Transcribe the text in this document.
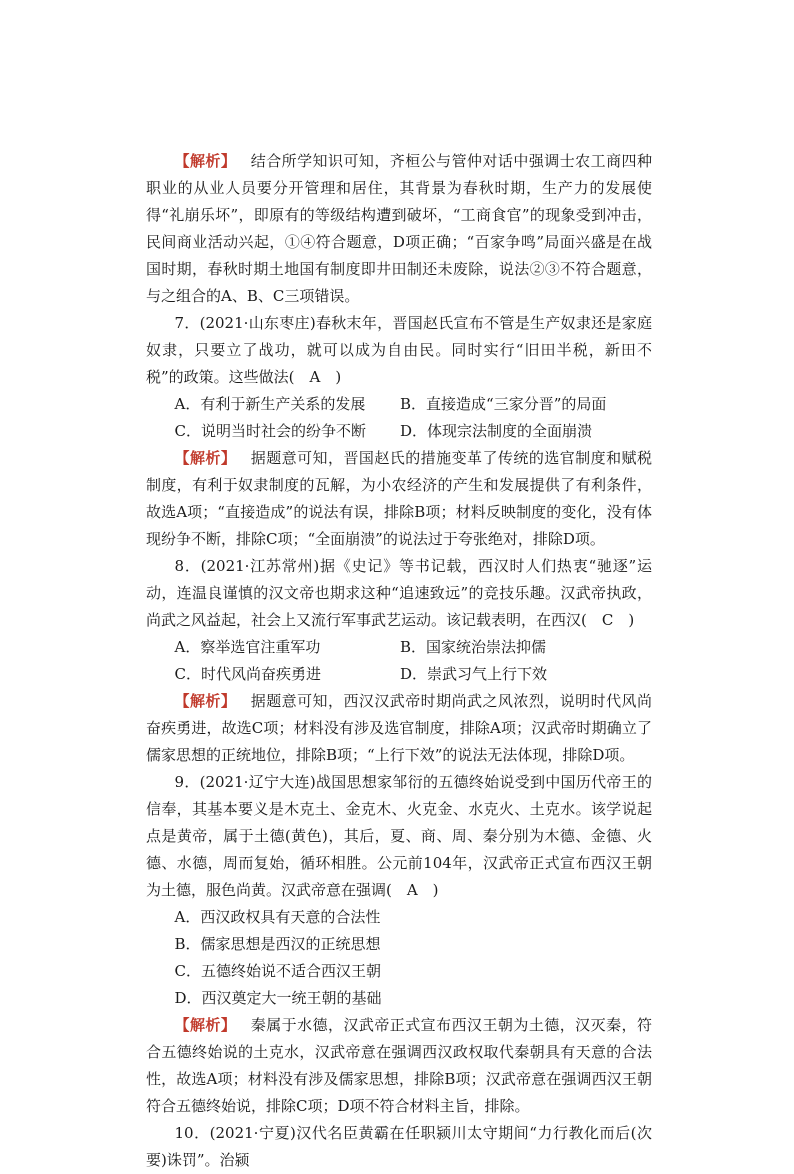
【解析】 结合所学知识可知，齐桓公与管仲对话中强调士农工商四种职业的从业人员要分开管理和居住，其背景为春秋时期，生产力的发展使得“礼崩乐坏”，即原有的等级结构遭到破坏，“工商食官”的现象受到冲击，民间商业活动兴起，①④符合题意，D项正确；“百家争鸣”局面兴盛是在战国时期，春秋时期土地国有制度即井田制还未废除，说法②③不符合题意，与之组合的A、B、C三项错误。

7．(2021·山东枣庄)春秋末年，晋国赵氏宣布不管是生产奴隶还是家庭奴隶，只要立了战功，就可以成为自由民。同时实行“旧田半税，新田不税”的政策。这些做法(　A　)

A．有利于新生产关系的发展	B．直接造成“三家分晋”的局面
C．说明当时社会的纷争不断	D．体现宗法制度的全面崩溃

【解析】 据题意可知，晋国赵氏的措施变革了传统的选官制度和赋税制度，有利于奴隶制度的瓦解，为小农经济的产生和发展提供了有利条件，故选A项；“直接造成”的说法有误，排除B项；材料反映制度的变化，没有体现纷争不断，排除C项；“全面崩溃”的说法过于夸张绝对，排除D项。

8．(2021·江苏常州)据《史记》等书记载，西汉时人们热衷“驰逐”运动，连温良谨慎的汉文帝也期求这种“追速致远”的竞技乐趣。汉武帝执政，尚武之风益起，社会上又流行军事武艺运动。该记载表明，在西汉(　C　)

A．察举选官注重军功	B．国家统治崇法抑儒
C．时代风尚奋疾勇进	D．崇武习气上行下效

【解析】 据题意可知，西汉汉武帝时期尚武之风浓烈，说明时代风尚奋疾勇进，故选C项；材料没有涉及选官制度，排除A项；汉武帝时期确立了儒家思想的正统地位，排除B项；“上行下效”的说法无法体现，排除D项。

9．(2021·辽宁大连)战国思想家邹衍的五德终始说受到中国历代帝王的信奉，其基本要义是木克土、金克木、火克金、水克火、土克水。该学说起点是黄帝，属于土德(黄色)，其后，夏、商、周、秦分别为木德、金德、火德、水德，周而复始，循环相胜。公元前104年，汉武帝正式宣布西汉王朝为土德，服色尚黄。汉武帝意在强调(　A　)

A．西汉政权具有天意的合法性

B．儒家思想是西汉的正统思想

C．五德终始说不适合西汉王朝

D．西汉奠定大一统王朝的基础

【解析】 秦属于水德，汉武帝正式宣布西汉王朝为土德，汉灭秦，符合五德终始说的土克水，汉武帝意在强调西汉政权取代秦朝具有天意的合法性，故选A项；材料没有涉及儒家思想，排除B项；汉武帝意在强调西汉王朝符合五德终始说，排除C项；D项不符合材料主旨，排除。

10．(2021·宁夏)汉代名臣黄霸在任职颍川太守期间“力行教化而后(次要)诛罚”。治颍
